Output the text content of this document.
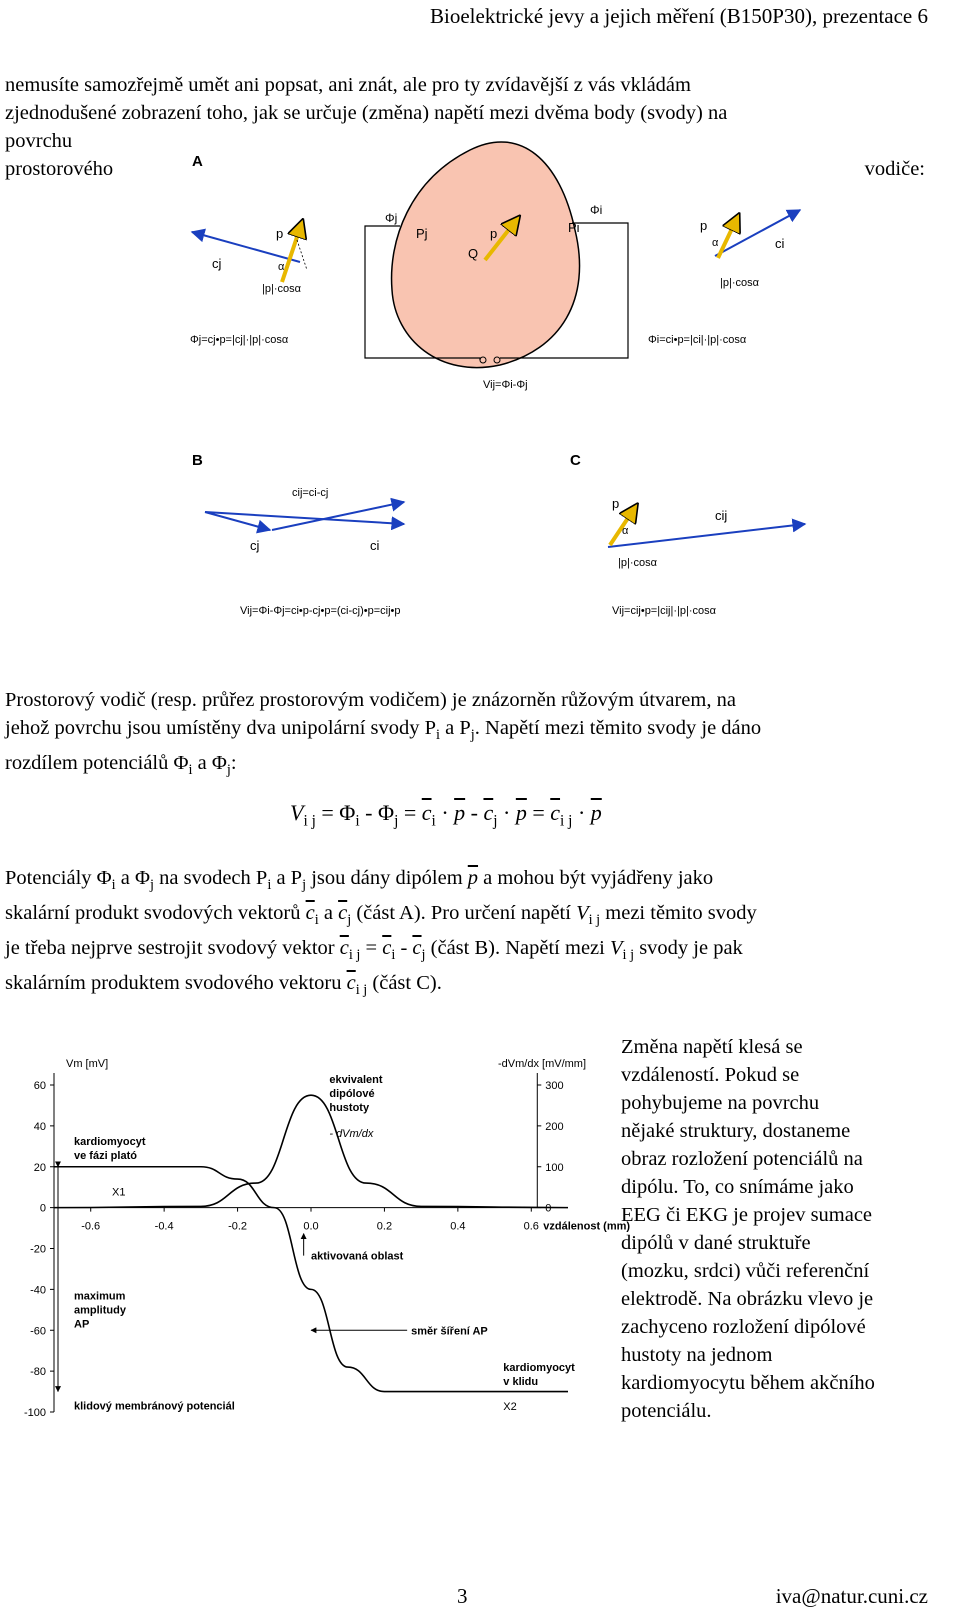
Bioelektrické jevy a jejich měření (B150P30), prezentace 6
nemusíte samozřejmě umět ani popsat, ani znát, ale pro ty zvídavější z vás vkládám
zjednodušené zobrazení toho, jak se určuje (změna) napětí mezi dvěma body (svody) na
povrchu
prostorového	vodiče:
A
Φj
Φi
Pj	Pi
Q
p
Vij=Φi-Φj
p
cj	α
|p|·cosα
Φj=cj•p=|cj|·|p|·cosα
p
ci
α
|p|·cosα
Φi=ci•p=|ci|·|p|·cosα
B
cij=ci-cj
cj	ci
Vij=Φi-Φj=ci•p-cj•p=(ci-cj)•p=cij•p
C
p
cij
α
|p|·cosα
Vij=cij•p=|cij|·|p|·cosα
Prostorový vodič (resp. průřez prostorovým vodičem) je znázorněn růžovým útvarem, na
jehož povrchu jsou umístěny dva unipolární svody $P_i$ a $P_j$. Napětí mezi těmito svody je dáno
rozdílem potenciálů $\Phi_i$ a $\Phi_j$:
$V_{i j} = \Phi_i - \Phi_j = \overline{c}_i \cdot \overline{p} - \overline{c}_j \cdot \overline{p} = \overline{c}_{i j} \cdot \overline{p}$
Potenciály $\Phi_i$ a $\Phi_j$ na svodech $P_i$ a $P_j$ jsou dány dipólem $\overline{p}$ a mohou být vyjádřeny jako
skalární produkt svodových vektorů $\overline{c}_i$ a $\overline{c}_j$ (část A). Pro určení napětí $V_{i j}$ mezi těmito svody
je třeba nejprve sestrojit svodový vektor $\overline{c}_{i j} = \overline{c}_i - \overline{c}_j$ (část B). Napětí mezi $V_{i j}$ svody je pak
skalárním produktem svodového vektoru $\overline{c}_{i j}$ (část C).
Vm [mV]	-dVm/dx [mV/mm]
60
40
20
0
-20
-40
-60
-80
-100
300
200
100
0
-0.6	-0.4	-0.2	0.0	0.2	0.4	0.6 vzdálenost (mm)
ekvivalent
dipólové
hustoty
- dVm/dx
kardiomyocyt
ve fázi plató
X1
aktivovaná oblast
maximum
amplitudy
AP
směr šíření AP
kardiomyocyt
v klidu
klidový membránový potenciál	X2
Změna napětí klesá se
vzdáleností. Pokud se
pohybujeme na povrchu
nějaké struktury, dostaneme
obraz rozložení potenciálů na
dipólu. To, co snímáme jako
EEG či EKG je projev sumace
dipólů v dané struktuře
(mozku, srdci) vůči referenční
elektrodě. Na obrázku vlevo je
zachyceno rozložení dipólové
hustoty na jednom
kardiomyocytu během akčního
potenciálu.
3	iva@natur.cuni.cz
